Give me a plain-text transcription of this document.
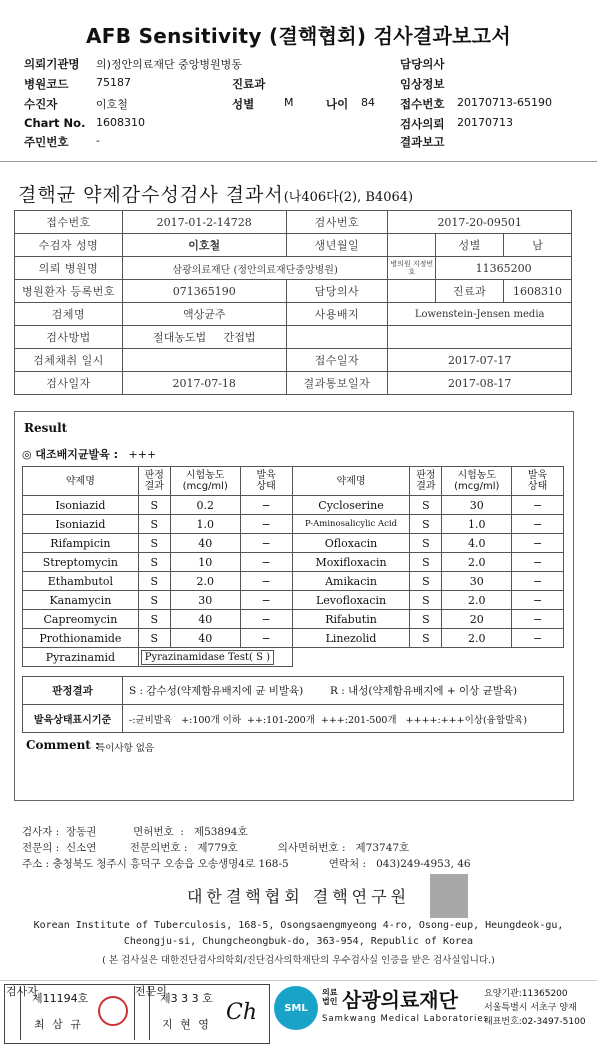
AFB Sensitivity (결핵협회) 검사결과보고서
의뢰기관명 의)정안의료재단 중앙병원병동	담당의사
병원코드	75187	진료과	임상정보
수진자	이호철	성별	M	나이 84 접수번호 20170713-65190
Chart No. 1608310	검사의뢰 20170713
주민번호	-	결과보고
결핵균 약제감수성검사 결과서(나406다(2), B4064)
접수번호	2017-01-2-14728	검사번호	2017-20-09501		
수검자 성명	이호철	생년월일		성별	남
의뢰 병원명	삼광의료재단 (정안의료재단중앙병원)		병의원 지정번호	11365200	
병원환자 등록번호	071365190	담당의사		진료과	1608310
검체명	액상균주	사용배지	Lowenstein-Jensen media		
검사방법	절대농도법 간접법				
검체채취 일시		접수일자	2017-07-17		
검사일자	2017-07-18	결과통보일자	2017-08-17		
Result
◎ 대조배지균발육 : +++
약제명	판정
결과	시험농도
(mcg/ml)	발육
상태	약제명	판정
결과	시험농도
(mcg/ml)	발육
상태
Isoniazid	S	0.2	−	Cycloserine	S	30	−
Isoniazid	S	1.0	−	P-Aminosalicylic Acid	S	1.0	−
Rifampicin	S	40	−	Ofloxacin	S	4.0	−
Streptomycin	S	10	−	Moxifloxacin	S	2.0	−
Ethambutol	S	2.0	−	Amikacin	S	30	−
Kanamycin	S	30	−	Levofloxacin	S	2.0	−
Capreomycin	S	40	−	Rifabutin	S	20	−
Prothionamide	S	40	−	Linezolid	S	2.0	−
Pyrazinamid	Pyrazinamidase Test( S )						
판정결과	S : 감수성(약제함유배지에 균 비발육) R : 내성(약제함유배지에 + 이상 균발육)
발육상태표시기준	-:균비발육   +:100개 이하  ++:101-200개  +++:201-500개   ++++:+++이상(융합발육)
Comment :
특이사항 없음
검사자 :  장동권           면허번호  :   제53894호
전문의 :  신소연          전문의번호 :   제779호            의사면허번호 :   제73747호
주소 : 충청북도 청주시 흥덕구 오송읍 오송생명4로 168-5            연락처 :   043)249-4953, 46
대한결핵협회 결핵연구원
Korean Institute of Tuberculosis, 168-5, Osongsaengmyeong 4-ro, Osong-eup, Heungdeok-gu,
Cheongju-si, Chungcheongbuk-do, 363-954, Republic of Korea
( 본 검사실은 대한진단검사의학회/진단검사의학재단의 우수검사실 인증을 받은 검사실입니다.)
검사자
제11194호
최 삼 규
전문의
제3 3 3 호
지 현 영 Ch	SML
의료
법인 삼광의료재단
Samkwang Medical Laboratories
요양기관:11365200
서울특별시 서초구 양재
대표번호:02-3497-5100
